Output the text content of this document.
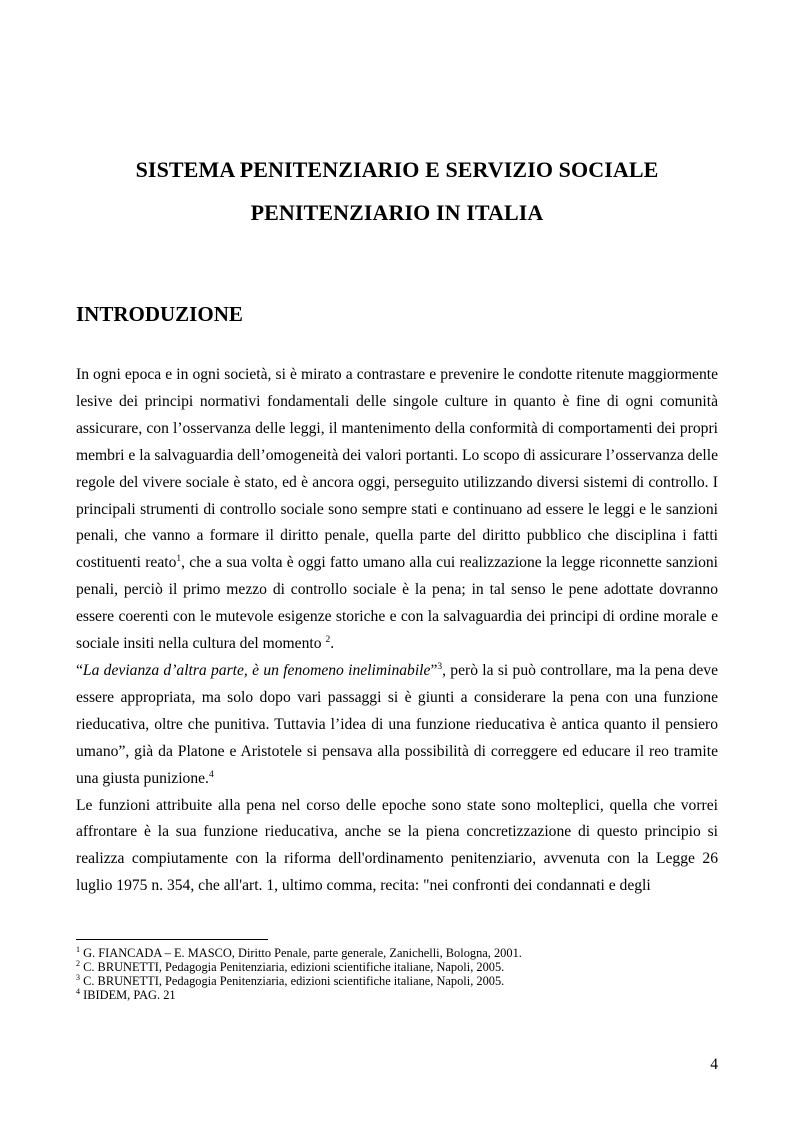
SISTEMA PENITENZIARIO E SERVIZIO SOCIALE
PENITENZIARIO IN ITALIA
INTRODUZIONE

In ogni epoca e in ogni società, si è mirato a contrastare e prevenire le condotte ritenute maggiormente lesive dei principi normativi fondamentali delle singole culture in quanto è fine di ogni comunità assicurare, con l’osservanza delle leggi, il mantenimento della conformità di comportamenti dei propri membri e la salvaguardia dell’omogeneità dei valori portanti. Lo scopo di assicurare l’osservanza delle regole del vivere sociale è stato, ed è ancora oggi, perseguito utilizzando diversi sistemi di controllo. I principali strumenti di controllo sociale sono sempre stati e continuano ad essere le leggi e le sanzioni penali, che vanno a formare il diritto penale, quella parte del diritto pubblico che disciplina i fatti costituenti reato$^1$, che a sua volta è oggi fatto umano alla cui realizzazione la legge riconnette sanzioni penali, perciò il primo mezzo di controllo sociale è la pena; in tal senso le pene adottate dovranno essere coerenti con le mutevole esigenze storiche e con la salvaguardia dei principi di ordine morale e sociale insiti nella cultura del momento $^2$.

“La devianza d’altra parte, è un fenomeno ineliminabile”$^3$, però la si può controllare, ma la pena deve essere appropriata, ma solo dopo vari passaggi si è giunti a considerare la pena con una funzione rieducativa, oltre che punitiva. Tuttavia l’idea di una funzione rieducativa è antica quanto il pensiero umano”, già da Platone e Aristotele si pensava alla possibilità di correggere ed educare il reo tramite una giusta punizione.$^4$

Le funzioni attribuite alla pena nel corso delle epoche sono state sono molteplici, quella che vorrei affrontare è la sua funzione rieducativa, anche se la piena concretizzazione di questo principio si realizza compiutamente con la riforma dell'ordinamento penitenziario, avvenuta con la Legge 26 luglio 1975 n. 354, che all'art. 1, ultimo comma, recita: "nei confronti dei condannati e degli

$^1$ G. FIANCADA – E. MASCO, Diritto Penale, parte generale, Zanichelli, Bologna, 2001.
$^2$ C. BRUNETTI, Pedagogia Penitenziaria, edizioni scientifiche italiane, Napoli, 2005.
$^3$ C. BRUNETTI, Pedagogia Penitenziaria, edizioni scientifiche italiane, Napoli, 2005.
$^4$ IBIDEM, PAG. 21
4
